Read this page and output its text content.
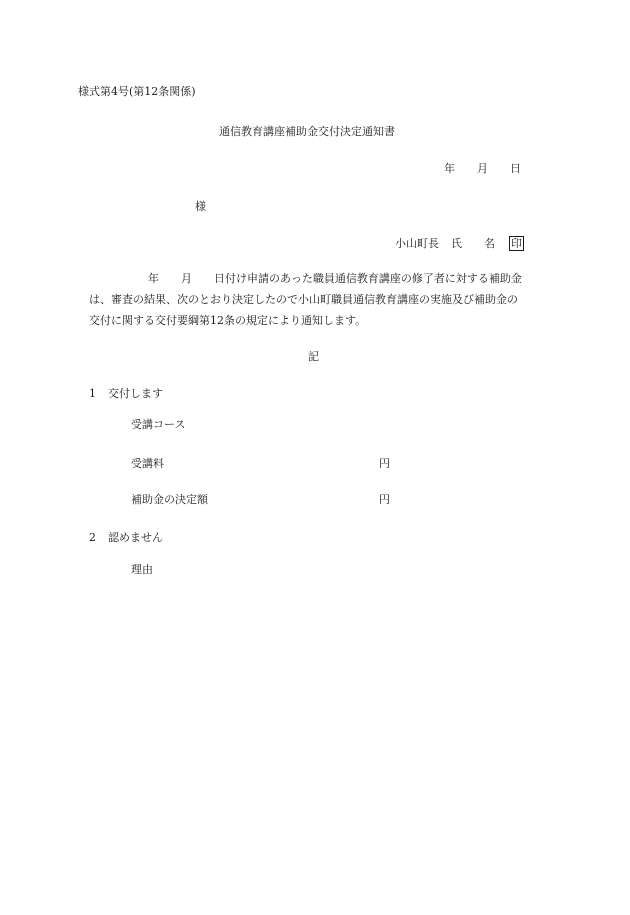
様式第4号(第12条関係)
通信教育講座補助金交付決定通知書
年 月 日
様
小山町長 氏 名 印
年 月 日付け申請のあった職員通信教育講座の修了者に対する補助金
は、審査の結果、次のとおり決定したので小山町職員通信教育講座の実施及び補助金の
交付に関する交付要綱第12条の規定により通知します。
記
1 交付します
受講コース
受講料	円
補助金の決定額	円
2 認めません
理由
